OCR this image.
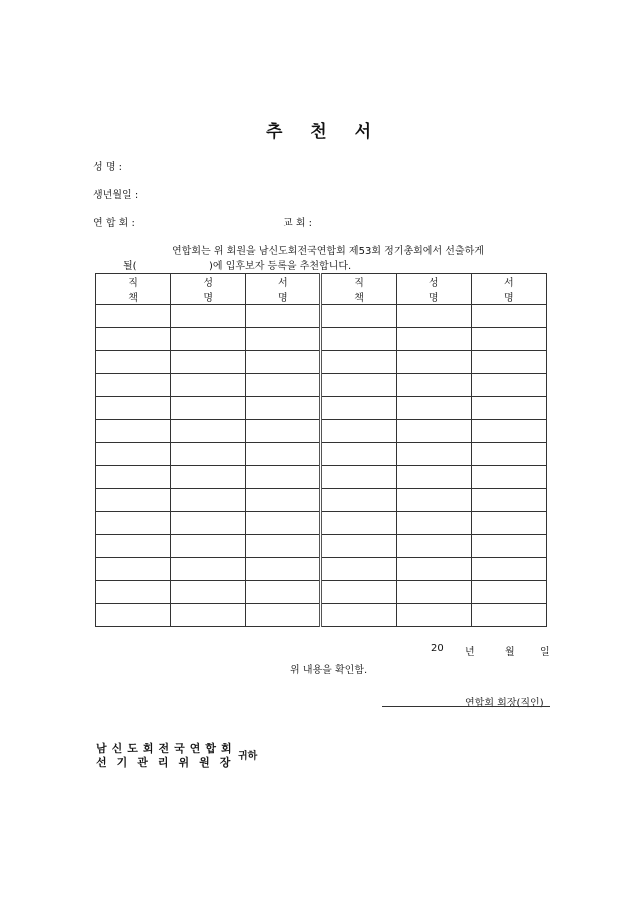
추 천 서
성 명 :
생년월일 :
연 합 회 :	교 회 :
연합회는 위 회원을 남신도회전국연합회 제53회 정기총회에서 선출하게
될(	)에 입후보자 등록을 추천합니다.
직 책	성 명	서 명	직 책	성 명	서 명

20 년	월	일
위 내용을 확인함.
연합회 회장(직인)
남신도회전국연합회
선기관리위원장
귀하
